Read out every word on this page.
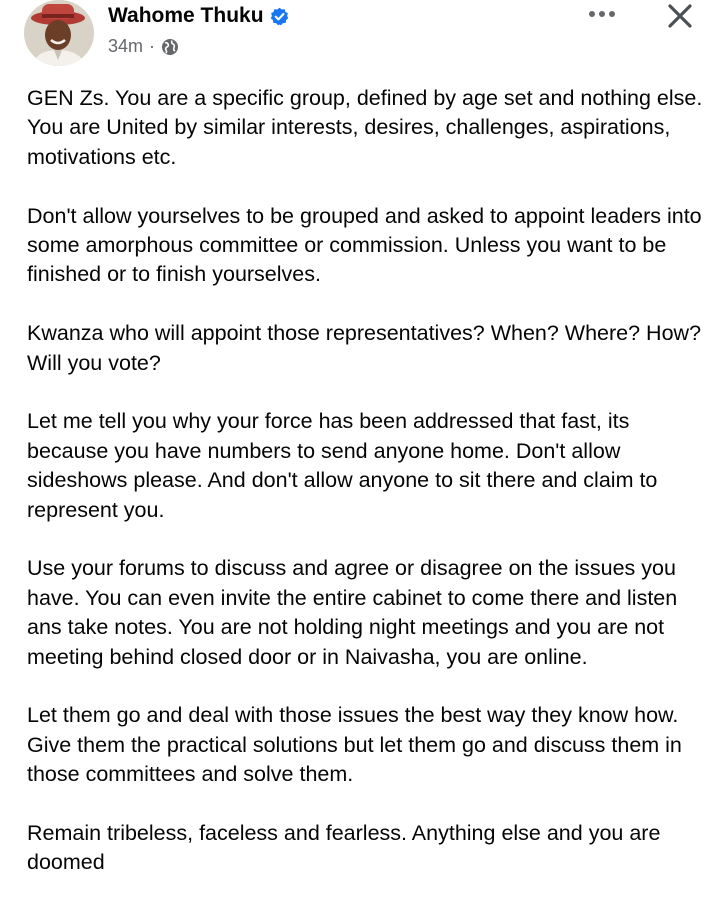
Wahome Thuku
34m ·

GEN Zs. You are a specific group, defined by age set and nothing else. You are United by similar interests, desires, challenges, aspirations, motivations etc.

Don't allow yourselves to be grouped and asked to appoint leaders into some amorphous committee or commission. Unless you want to be finished or to finish yourselves.

Kwanza who will appoint those representatives? When? Where? How? Will you vote?

Let me tell you why your force has been addressed that fast, its because you have numbers to send anyone home. Don't allow sideshows please. And don't allow anyone to sit there and claim to represent you.

Use your forums to discuss and agree or disagree on the issues you have. You can even invite the entire cabinet to come there and listen ans take notes. You are not holding night meetings and you are not meeting behind closed door or in Naivasha, you are online.

Let them go and deal with those issues the best way they know how. Give them the practical solutions but let them go and discuss them in those committees and solve them.

Remain tribeless, faceless and fearless. Anything else and you are doomed
